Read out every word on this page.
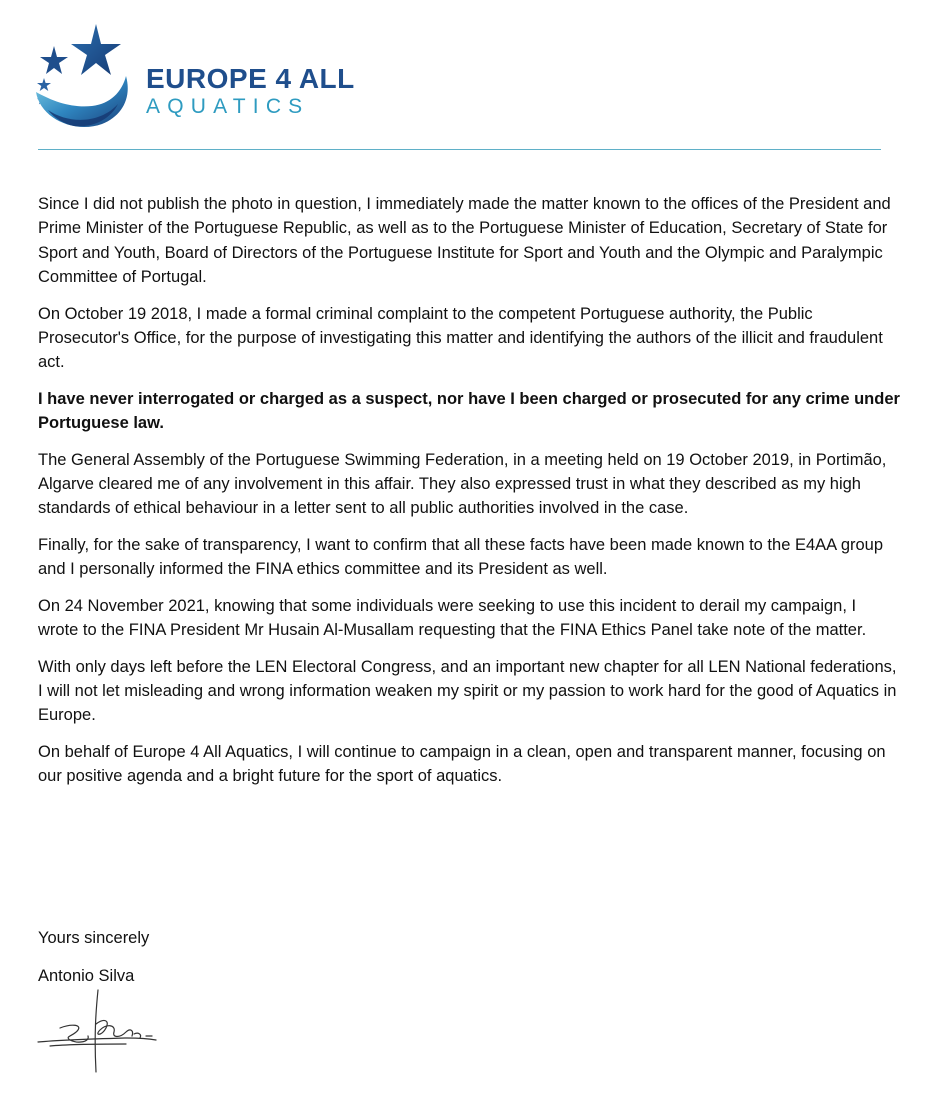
EUROPE 4 ALL
AQUATICS

Since I did not publish the photo in question, I immediately made the matter known to the offices of the President and Prime Minister of the Portuguese Republic, as well as to the Portuguese Minister of Education, Secretary of State for Sport and Youth, Board of Directors of the Portuguese Institute for Sport and Youth and the Olympic and Paralympic Committee of Portugal.

On October 19 2018, I made a formal criminal complaint to the competent Portuguese authority, the Public Prosecutor's Office, for the purpose of investigating this matter and identifying the authors of the illicit and fraudulent act.

I have never interrogated or charged as a suspect, nor have I been charged or prosecuted for any crime under Portuguese law.

The General Assembly of the Portuguese Swimming Federation, in a meeting held on 19 October 2019, in Portimão, Algarve cleared me of any involvement in this affair. They also expressed trust in what they described as my high standards of ethical behaviour in a letter sent to all public authorities involved in the case.

Finally, for the sake of transparency, I want to confirm that all these facts have been made known to the E4AA group and I personally informed the FINA ethics committee and its President as well.

On 24 November 2021, knowing that some individuals were seeking to use this incident to derail my campaign, I wrote to the FINA President Mr Husain Al-Musallam requesting that the FINA Ethics Panel take note of the matter.

With only days left before the LEN Electoral Congress, and an important new chapter for all LEN National federations, I will not let misleading and wrong information weaken my spirit or my passion to work hard for the good of Aquatics in Europe.

On behalf of Europe 4 All Aquatics, I will continue to campaign in a clean, open and transparent manner, focusing on our positive agenda and a bright future for the sport of aquatics.

Yours sincerely
Antonio Silva
